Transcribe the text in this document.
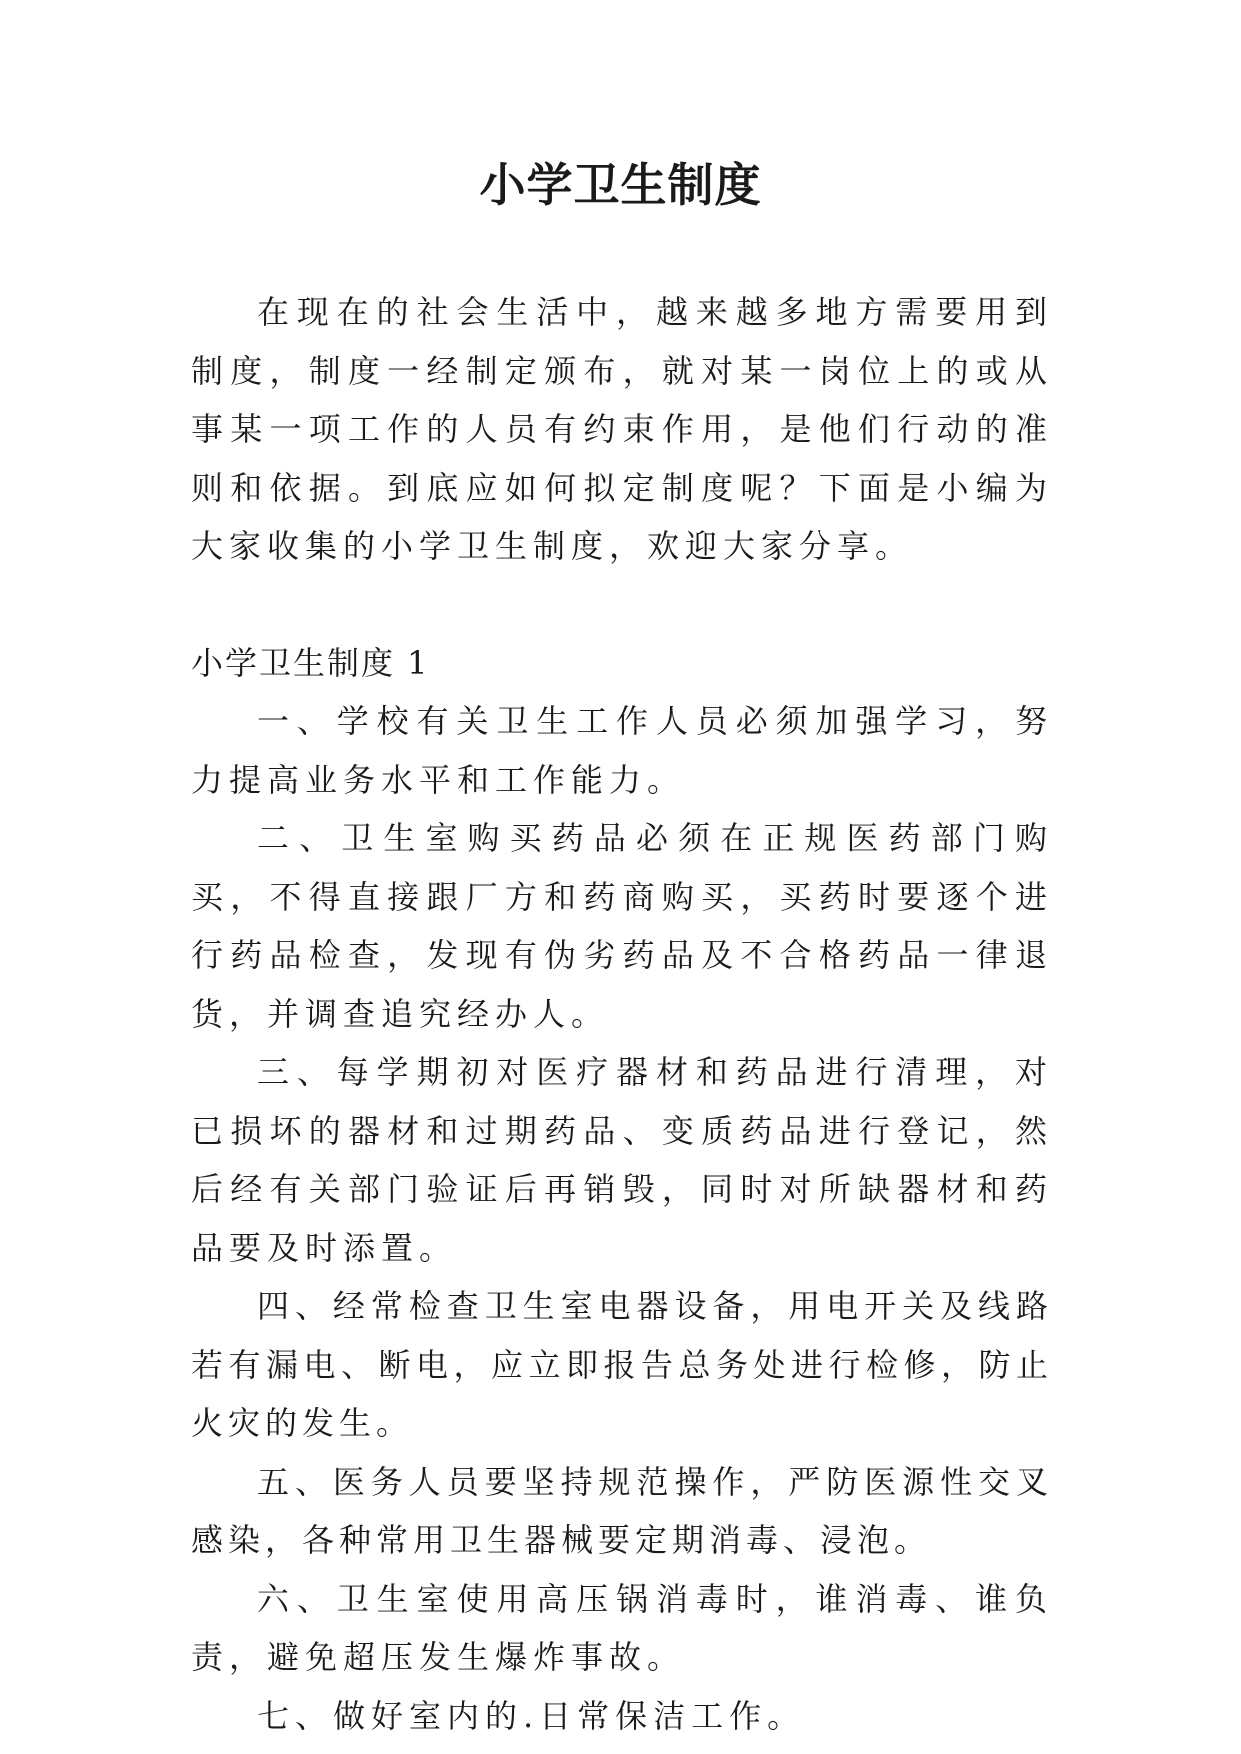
小学卫生制度

在现在的社会生活中，越来越多地方需要用到制度，制度一经制定颁布，就对某一岗位上的或从事某一项工作的人员有约束作用，是他们行动的准则和依据。到底应如何拟定制度呢？下面是小编为大家收集的小学卫生制度，欢迎大家分享。

小学卫生制度 1

一、学校有关卫生工作人员必须加强学习，努力提高业务水平和工作能力。

二、卫生室购买药品必须在正规医药部门购买，不得直接跟厂方和药商购买，买药时要逐个进行药品检查，发现有伪劣药品及不合格药品一律退货，并调查追究经办人。

三、每学期初对医疗器材和药品进行清理，对已损坏的器材和过期药品、变质药品进行登记，然后经有关部门验证后再销毁，同时对所缺器材和药品要及时添置。

四、经常检查卫生室电器设备，用电开关及线路若有漏电、断电，应立即报告总务处进行检修，防止火灾的发生。

五、医务人员要坚持规范操作，严防医源性交叉感染，各种常用卫生器械要定期消毒、浸泡。

六、卫生室使用高压锅消毒时，谁消毒、谁负责，避免超压发生爆炸事故。

七、做好室内的.日常保洁工作。
